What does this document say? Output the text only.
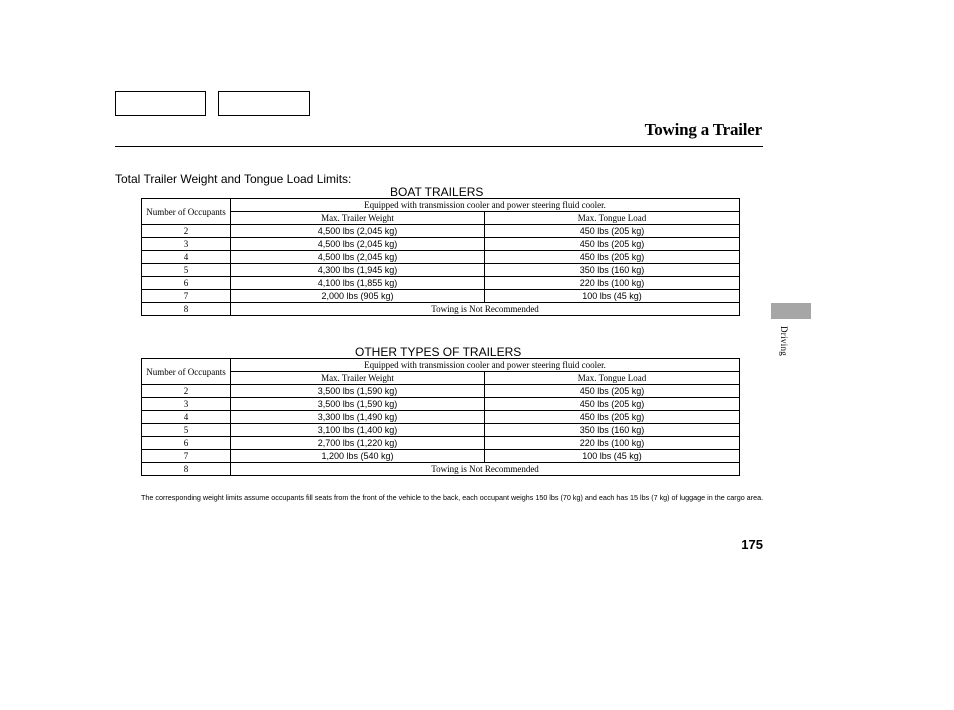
Towing a Trailer
Total Trailer Weight and Tongue Load Limits:
BOAT TRAILERS
Number of Occupants	Equipped with transmission cooler and power steering fluid cooler.	
	Max. Trailer Weight	Max. Tongue Load
2	4,500 lbs (2,045 kg)	450 lbs (205 kg)
3	4,500 lbs (2,045 kg)	450 lbs (205 kg)
4	4,500 lbs (2,045 kg)	450 lbs (205 kg)
5	4,300 lbs (1,945 kg)	350 lbs (160 kg)
6	4,100 lbs (1,855 kg)	220 lbs (100 kg)
7	2,000 lbs (905 kg)	100 lbs (45 kg)
8	Towing is Not Recommended	
OTHER TYPES OF TRAILERS
Number of Occupants	Equipped with transmission cooler and power steering fluid cooler.	
	Max. Trailer Weight	Max. Tongue Load
2	3,500 lbs (1,590 kg)	450 lbs (205 kg)
3	3,500 lbs (1,590 kg)	450 lbs (205 kg)
4	3,300 lbs (1,490 kg)	450 lbs (205 kg)
5	3,100 lbs (1,400 kg)	350 lbs (160 kg)
6	2,700 lbs (1,220 kg)	220 lbs (100 kg)
7	1,200 lbs (540 kg)	100 lbs (45 kg)
8	Towing is Not Recommended	
The corresponding weight limits assume occupants fill seats from the front of the vehicle to the back, each occupant weighs 150 lbs (70 kg) and each has 15 lbs (7 kg) of luggage in the cargo area.
175
Driving
